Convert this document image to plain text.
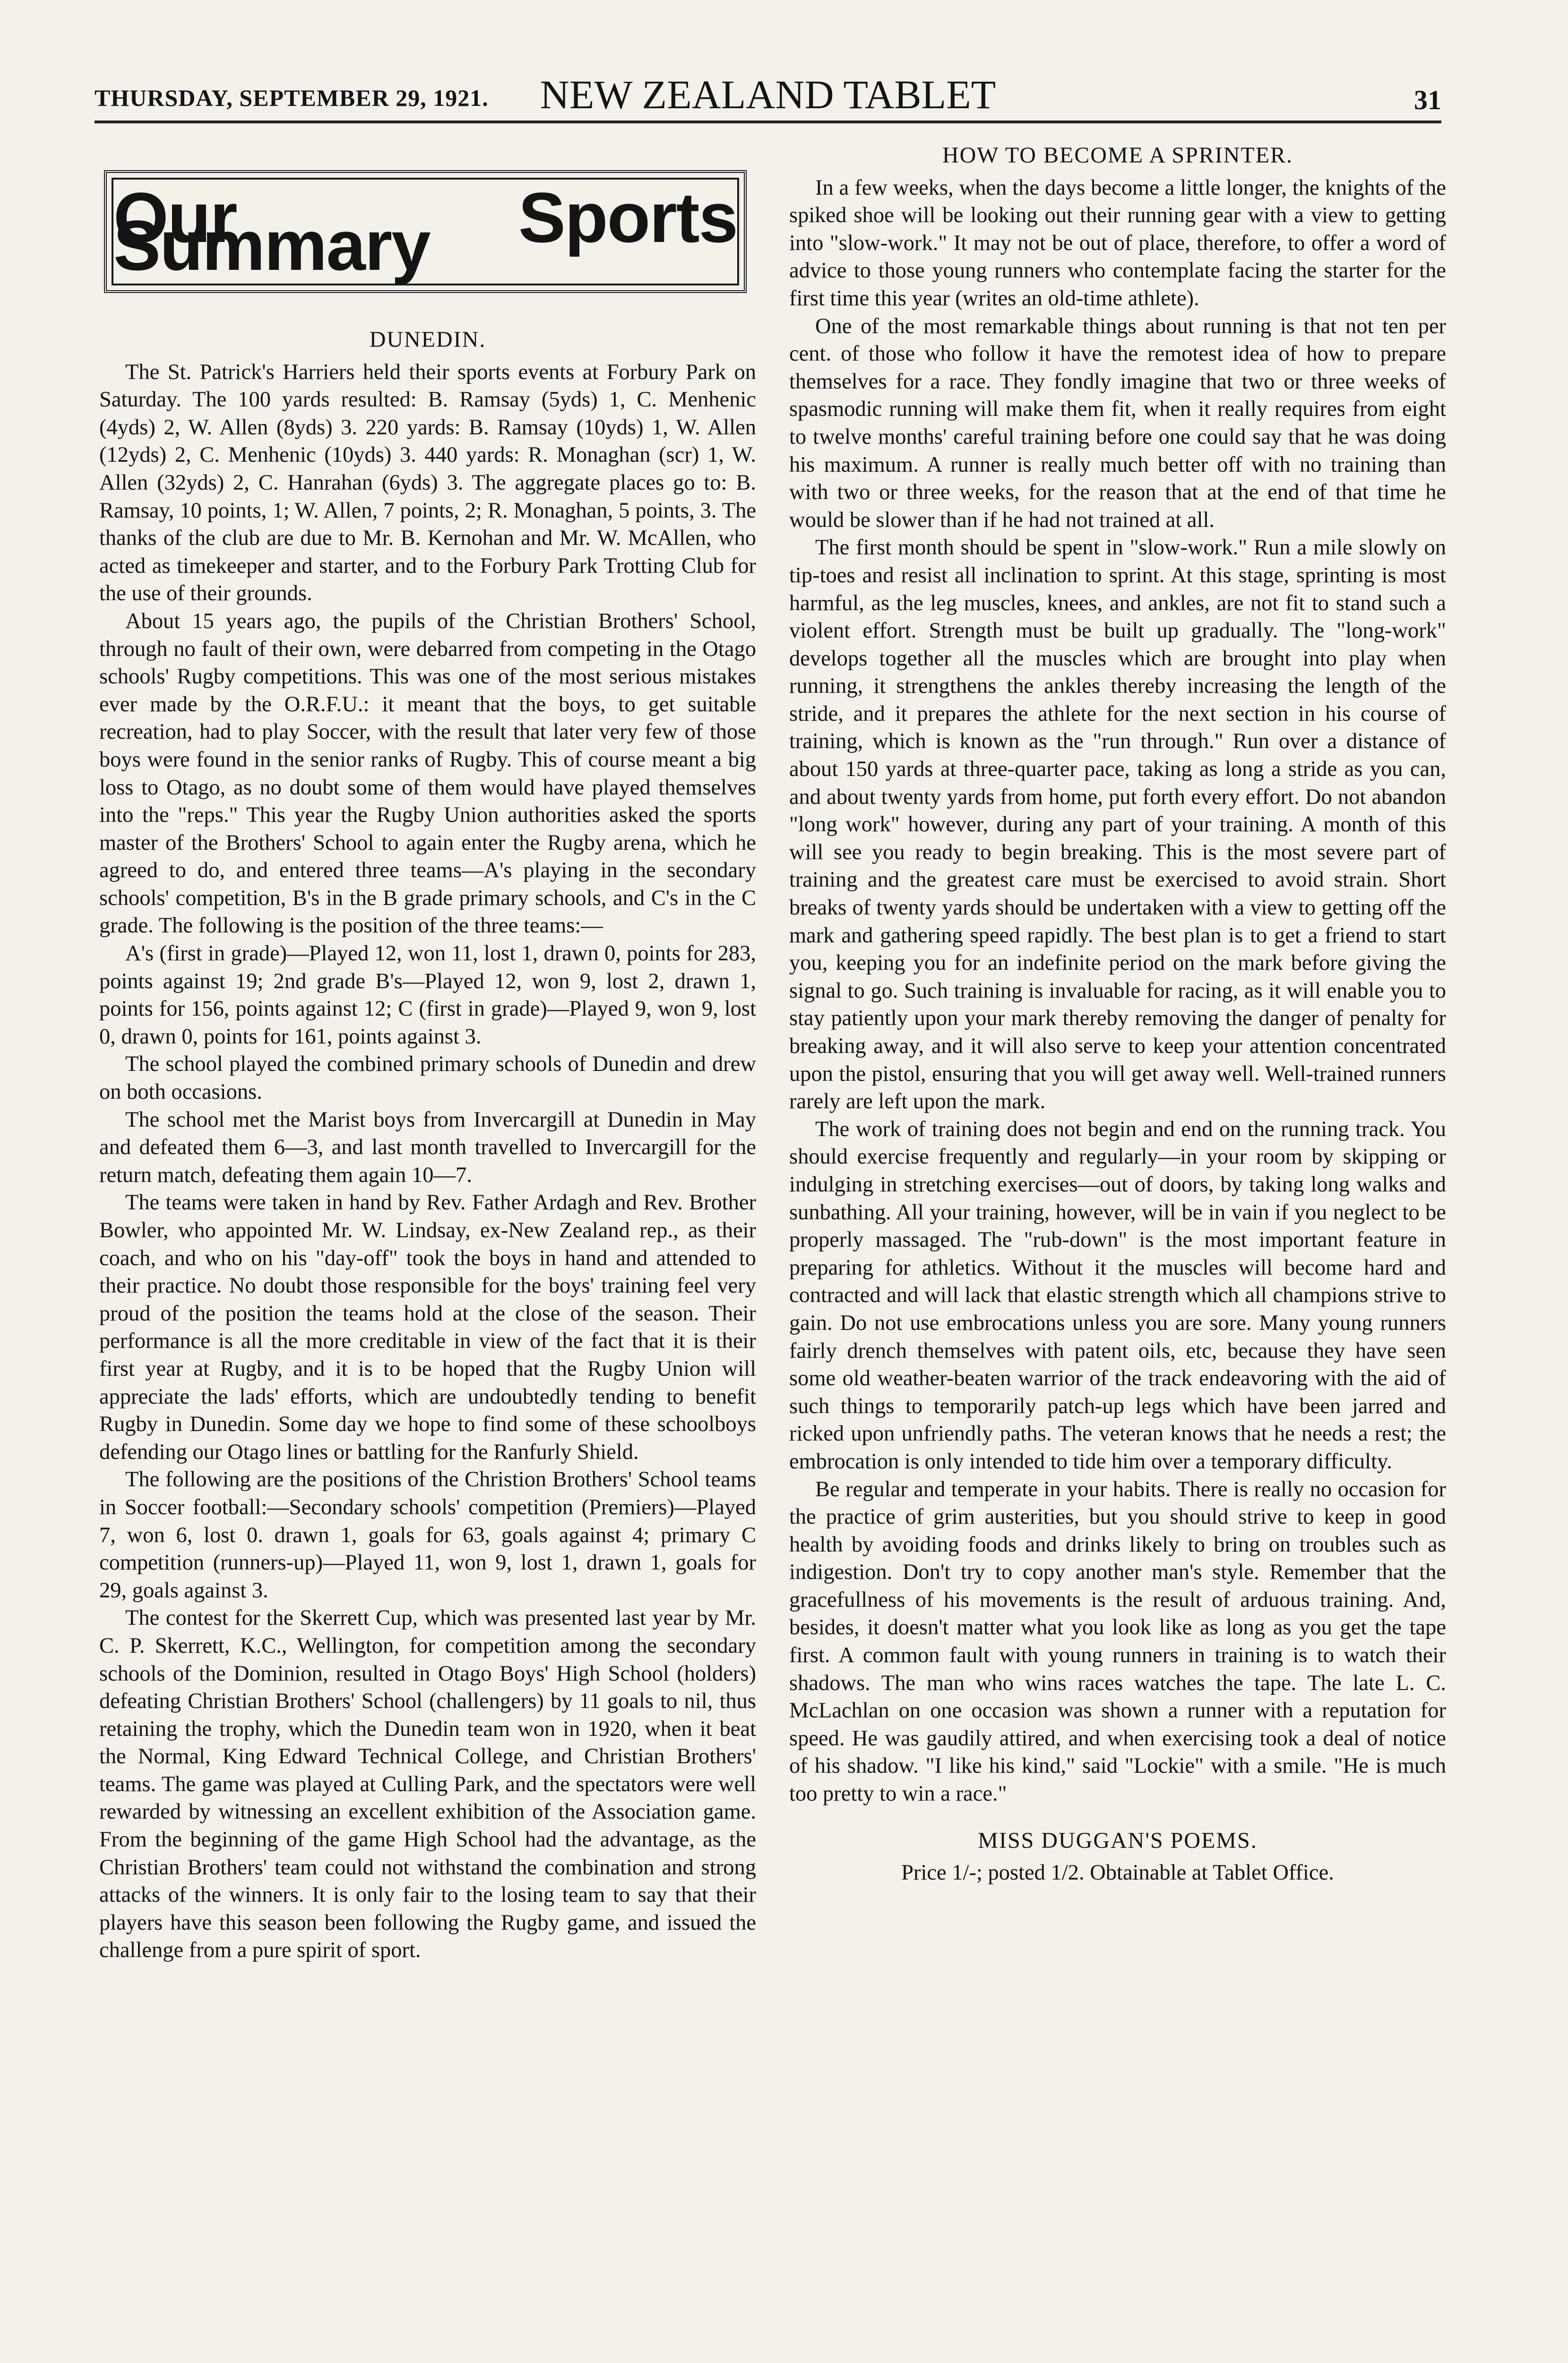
THURSDAY, SEPTEMBER 29, 1921.	NEW ZEALAND TABLET	31
Our Sports Summary
DUNEDIN.

The St. Patrick's Harriers held their sports events at Forbury Park on Saturday. The 100 yards resulted: B. Ramsay (5yds) 1, C. Menhenic (4yds) 2, W. Allen (8yds) 3. 220 yards: B. Ramsay (10yds) 1, W. Allen (12yds) 2, C. Menhenic (10yds) 3. 440 yards: R. Monaghan (scr) 1, W. Allen (32yds) 2, C. Hanrahan (6yds) 3. The aggregate places go to: B. Ramsay, 10 points, 1; W. Allen, 7 points, 2; R. Monaghan, 5 points, 3. The thanks of the club are due to Mr. B. Kernohan and Mr. W. McAllen, who acted as timekeeper and starter, and to the Forbury Park Trotting Club for the use of their grounds.

About 15 years ago, the pupils of the Christian Brothers' School, through no fault of their own, were debarred from competing in the Otago schools' Rugby competitions. This was one of the most serious mistakes ever made by the O.R.F.U.: it meant that the boys, to get suitable recreation, had to play Soccer, with the result that later very few of those boys were found in the senior ranks of Rugby. This of course meant a big loss to Otago, as no doubt some of them would have played themselves into the "reps." This year the Rugby Union authorities asked the sports master of the Brothers' School to again enter the Rugby arena, which he agreed to do, and entered three teams—A's playing in the secondary schools' competition, B's in the B grade primary schools, and C's in the C grade. The following is the position of the three teams:—

A's (first in grade)—Played 12, won 11, lost 1, drawn 0, points for 283, points against 19; 2nd grade B's—Played 12, won 9, lost 2, drawn 1, points for 156, points against 12; C (first in grade)—Played 9, won 9, lost 0, drawn 0, points for 161, points against 3.

The school played the combined primary schools of Dunedin and drew on both occasions.

The school met the Marist boys from Invercargill at Dunedin in May and defeated them 6—3, and last month travelled to Invercargill for the return match, defeating them again 10—7.

The teams were taken in hand by Rev. Father Ardagh and Rev. Brother Bowler, who appointed Mr. W. Lindsay, ex-New Zealand rep., as their coach, and who on his "day-off" took the boys in hand and attended to their practice. No doubt those responsible for the boys' training feel very proud of the position the teams hold at the close of the season. Their performance is all the more creditable in view of the fact that it is their first year at Rugby, and it is to be hoped that the Rugby Union will appreciate the lads' efforts, which are undoubtedly tending to benefit Rugby in Dunedin. Some day we hope to find some of these schoolboys defending our Otago lines or battling for the Ranfurly Shield.

The following are the positions of the Christion Brothers' School teams in Soccer football:—Secondary schools' competition (Premiers)—Played 7, won 6, lost 0. drawn 1, goals for 63, goals against 4; primary C competition (runners-up)—Played 11, won 9, lost 1, drawn 1, goals for 29, goals against 3.

The contest for the Skerrett Cup, which was presented last year by Mr. C. P. Skerrett, K.C., Wellington, for competition among the secondary schools of the Dominion, resulted in Otago Boys' High School (holders) defeating Christian Brothers' School (challengers) by 11 goals to nil, thus retaining the trophy, which the Dunedin team won in 1920, when it beat the Normal, King Edward Technical College, and Christian Brothers' teams. The game was played at Culling Park, and the spectators were well rewarded by witnessing an excellent exhibition of the Association game. From the beginning of the game High School had the advantage, as the Christian Brothers' team could not withstand the combination and strong attacks of the winners. It is only fair to the losing team to say that their players have this season been following the Rugby game, and issued the challenge from a pure spirit of sport.

HOW TO BECOME A SPRINTER.

In a few weeks, when the days become a little longer, the knights of the spiked shoe will be looking out their running gear with a view to getting into "slow-work." It may not be out of place, therefore, to offer a word of advice to those young runners who contemplate facing the starter for the first time this year (writes an old-time athlete).

One of the most remarkable things about running is that not ten per cent. of those who follow it have the remotest idea of how to prepare themselves for a race. They fondly imagine that two or three weeks of spasmodic running will make them fit, when it really requires from eight to twelve months' careful training before one could say that he was doing his maximum. A runner is really much better off with no training than with two or three weeks, for the reason that at the end of that time he would be slower than if he had not trained at all.

The first month should be spent in "slow-work." Run a mile slowly on tip-toes and resist all inclination to sprint. At this stage, sprinting is most harmful, as the leg muscles, knees, and ankles, are not fit to stand such a violent effort. Strength must be built up gradually. The "long-work" develops together all the muscles which are brought into play when running, it strengthens the ankles thereby increasing the length of the stride, and it prepares the athlete for the next section in his course of training, which is known as the "run through." Run over a distance of about 150 yards at three-quarter pace, taking as long a stride as you can, and about twenty yards from home, put forth every effort. Do not abandon "long work" however, during any part of your training. A month of this will see you ready to begin breaking. This is the most severe part of training and the greatest care must be exercised to avoid strain. Short breaks of twenty yards should be undertaken with a view to getting off the mark and gathering speed rapidly. The best plan is to get a friend to start you, keeping you for an indefinite period on the mark before giving the signal to go. Such training is invaluable for racing, as it will enable you to stay patiently upon your mark thereby removing the danger of penalty for breaking away, and it will also serve to keep your attention concentrated upon the pistol, ensuring that you will get away well. Well-trained runners rarely are left upon the mark.

The work of training does not begin and end on the running track. You should exercise frequently and regularly—in your room by skipping or indulging in stretching exercises—out of doors, by taking long walks and sunbathing. All your training, however, will be in vain if you neglect to be properly massaged. The "rub-down" is the most important feature in preparing for athletics. Without it the muscles will become hard and contracted and will lack that elastic strength which all champions strive to gain. Do not use embrocations unless you are sore. Many young runners fairly drench themselves with patent oils, etc, because they have seen some old weather-beaten warrior of the track endeavoring with the aid of such things to temporarily patch-up legs which have been jarred and ricked upon unfriendly paths. The veteran knows that he needs a rest; the embrocation is only intended to tide him over a temporary difficulty.

Be regular and temperate in your habits. There is really no occasion for the practice of grim austerities, but you should strive to keep in good health by avoiding foods and drinks likely to bring on troubles such as indigestion. Don't try to copy another man's style. Remember that the gracefullness of his movements is the result of arduous training. And, besides, it doesn't matter what you look like as long as you get the tape first. A common fault with young runners in training is to watch their shadows. The man who wins races watches the tape. The late L. C. McLachlan on one occasion was shown a runner with a reputation for speed. He was gaudily attired, and when exercising took a deal of notice of his shadow. "I like his kind," said "Lockie" with a smile. "He is much too pretty to win a race."

MISS DUGGAN'S POEMS.

Price 1/-; posted 1/2. Obtainable at Tablet Office.
